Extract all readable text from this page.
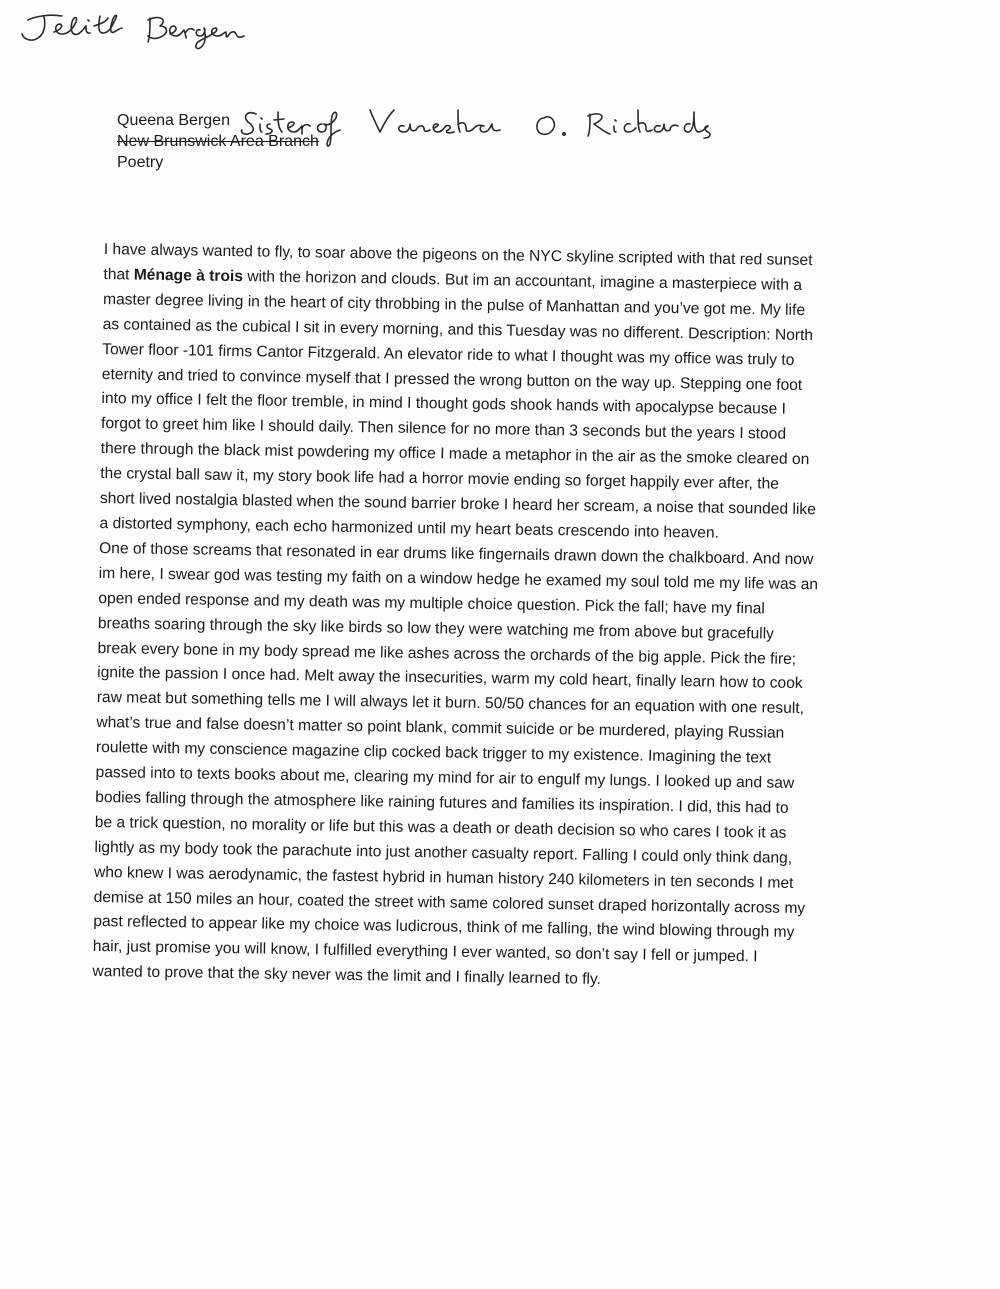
Queena Bergen
New Brunswick Area Branch
Poetry
I have always wanted to fly, to soar above the pigeons on the NYC skyline scripted with that red sunset
that Ménage à trois with the horizon and clouds. But im an accountant, imagine a masterpiece with a
master degree living in the heart of city throbbing in the pulse of Manhattan and you’ve got me. My life
as contained as the cubical I sit in every morning, and this Tuesday was no different. Description: North
Tower floor -101 firms Cantor Fitzgerald. An elevator ride to what I thought was my office was truly to
eternity and tried to convince myself that I pressed the wrong button on the way up. Stepping one foot
into my office I felt the floor tremble, in mind I thought gods shook hands with apocalypse because I
forgot to greet him like I should daily. Then silence for no more than 3 seconds but the years I stood
there through the black mist powdering my office I made a metaphor in the air as the smoke cleared on
the crystal ball saw it, my story book life had a horror movie ending so forget happily ever after, the
short lived nostalgia blasted when the sound barrier broke I heard her scream, a noise that sounded like
a distorted symphony, each echo harmonized until my heart beats crescendo into heaven.
One of those screams that resonated in ear drums like fingernails drawn down the chalkboard. And now
im here, I swear god was testing my faith on a window hedge he examed my soul told me my life was an
open ended response and my death was my multiple choice question. Pick the fall; have my final
breaths soaring through the sky like birds so low they were watching me from above but gracefully
break every bone in my body spread me like ashes across the orchards of the big apple. Pick the fire;
ignite the passion I once had. Melt away the insecurities, warm my cold heart, finally learn how to cook
raw meat but something tells me I will always let it burn. 50/50 chances for an equation with one result,
what’s true and false doesn’t matter so point blank, commit suicide or be murdered, playing Russian
roulette with my conscience magazine clip cocked back trigger to my existence. Imagining the text
passed into to texts books about me, clearing my mind for air to engulf my lungs. I looked up and saw
bodies falling through the atmosphere like raining futures and families its inspiration. I did, this had to
be a trick question, no morality or life but this was a death or death decision so who cares I took it as
lightly as my body took the parachute into just another casualty report. Falling I could only think dang,
who knew I was aerodynamic, the fastest hybrid in human history 240 kilometers in ten seconds I met
demise at 150 miles an hour, coated the street with same colored sunset draped horizontally across my
past reflected to appear like my choice was ludicrous, think of me falling, the wind blowing through my
hair, just promise you will know, I fulfilled everything I ever wanted, so don’t say I fell or jumped. I
wanted to prove that the sky never was the limit and I finally learned to fly.
